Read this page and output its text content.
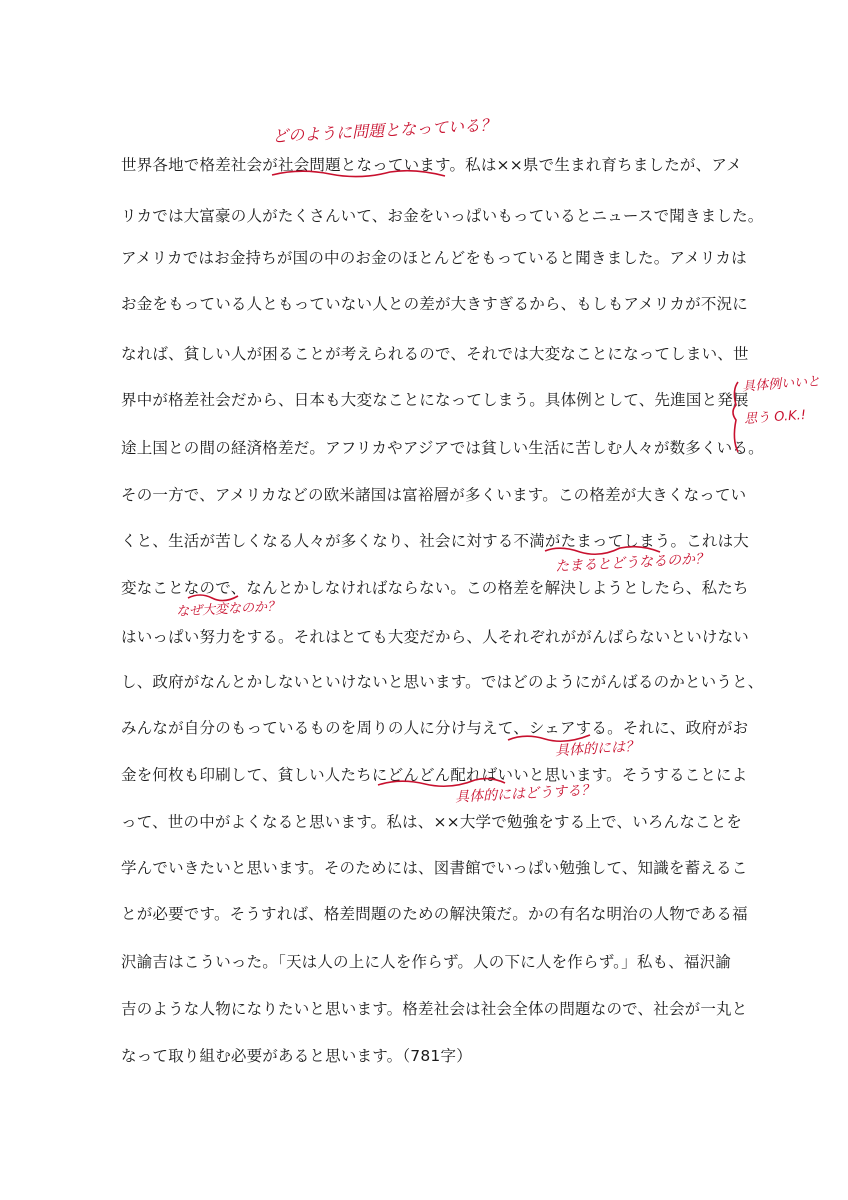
世界各地で格差社会が社会問題となっています。私は××県で生まれ育ちましたが、アメ
リカでは大富豪の人がたくさんいて、お金をいっぱいもっているとニュースで聞きました。
アメリカではお金持ちが国の中のお金のほとんどをもっていると聞きました。アメリカは
お金をもっている人ともっていない人との差が大きすぎるから、もしもアメリカが不況に
なれば、貧しい人が困ることが考えられるので、それでは大変なことになってしまい、世
界中が格差社会だから、日本も大変なことになってしまう。具体例として、先進国と発展
途上国との間の経済格差だ。アフリカやアジアでは貧しい生活に苦しむ人々が数多くいる。
その一方で、アメリカなどの欧米諸国は富裕層が多くいます。この格差が大きくなってい
くと、生活が苦しくなる人々が多くなり、社会に対する不満がたまってしまう。これは大
変なことなので、なんとかしなければならない。この格差を解決しようとしたら、私たち
はいっぱい努力をする。それはとても大変だから、人それぞれががんばらないといけない
し、政府がなんとかしないといけないと思います。ではどのようにがんばるのかというと、
みんなが自分のもっているものを周りの人に分け与えて、シェアする。それに、政府がお
金を何枚も印刷して、貧しい人たちにどんどん配ればいいと思います。そうすることによ
って、世の中がよくなると思います。私は、××大学で勉強をする上で、いろんなことを
学んでいきたいと思います。そのためには、図書館でいっぱい勉強して、知識を蓄えるこ
とが必要です。そうすれば、格差問題のための解決策だ。かの有名な明治の人物である福
沢諭吉はこういった。「天は人の上に人を作らず。人の下に人を作らず。」私も、福沢諭
吉のような人物になりたいと思います。格差社会は社会全体の問題なので、社会が一丸と
なって取り組む必要があると思います。（781字）
どのように問題となっている？
具体例いいと
思う O.K.!
たまるとどうなるのか？
なぜ大変なのか？
具体的には？
具体的にはどうする？
